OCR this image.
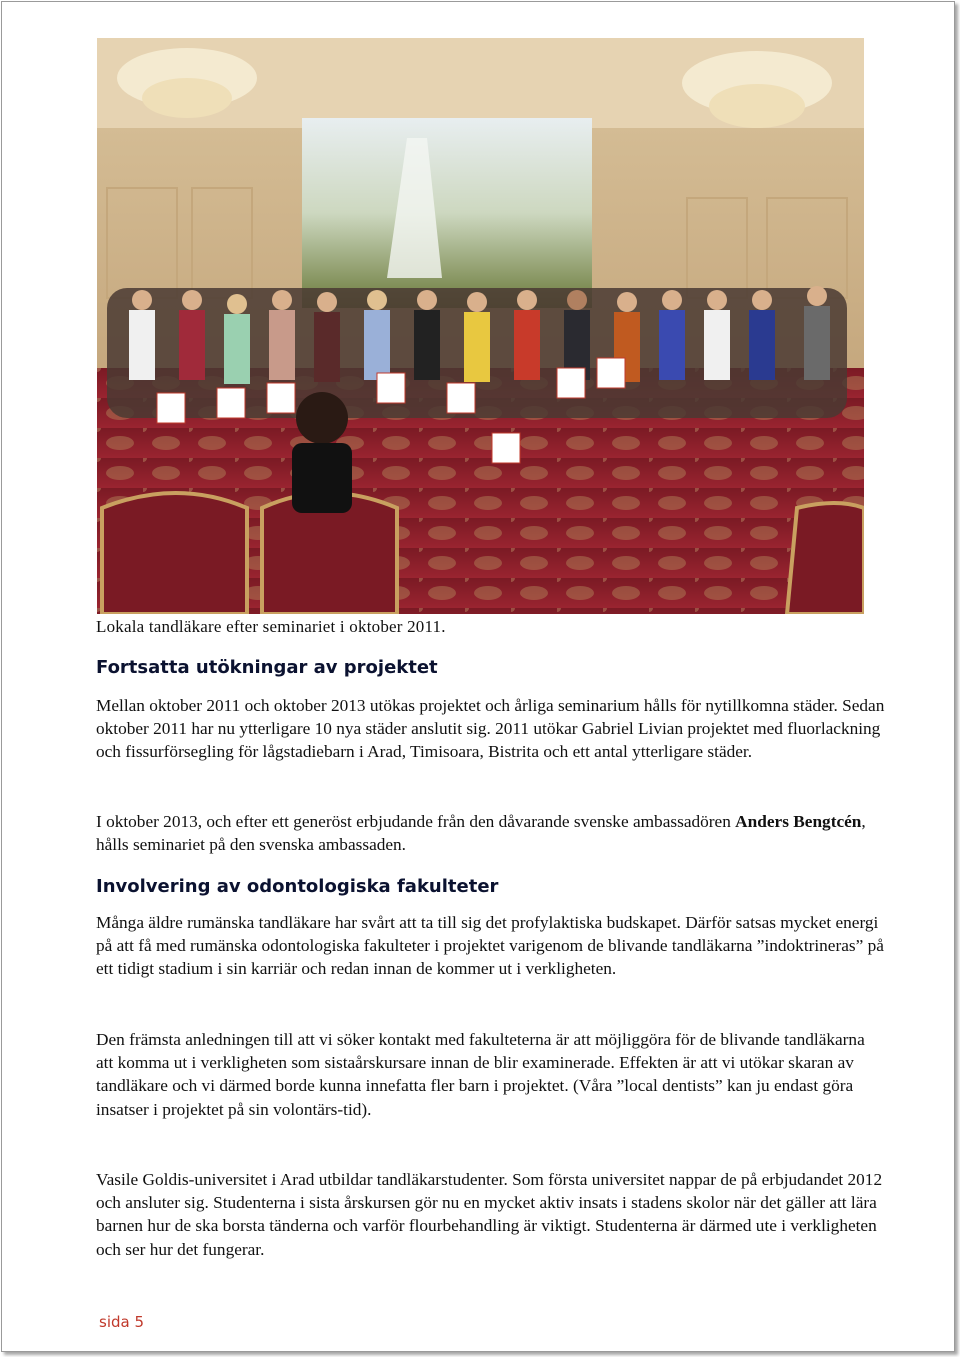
Lokala tandläkare efter seminariet i oktober 2011.
Fortsatta utökningar av projektet

Mellan oktober 2011 och oktober 2013 utökas projektet och årliga seminarium hålls för nytillkomna städer. Sedan oktober 2011 har nu ytterligare 10 nya städer anslutit sig. 2011 utökar Gabriel Livian projektet med fluorlackning och fissurförsegling för lågstadiebarn i Arad, Timisoara, Bistrita och ett antal ytterligare städer.

I oktober 2013, och efter ett generöst erbjudande från den dåvarande svenske ambassadören Anders Bengtcén, hålls seminariet på den svenska ambassaden.

Involvering av odontologiska fakulteter

Många äldre rumänska tandläkare har svårt att ta till sig det profylaktiska budskapet. Därför satsas mycket energi på att få med rumänska odontologiska fakulteter i projektet varigenom de blivande tandläkarna ”indoktrineras” på ett tidigt stadium i sin karriär och redan innan de kommer ut i verkligheten.

Den främsta anledningen till att vi söker kontakt med fakulteterna är att möjliggöra för de blivande tandläkarna att komma ut i verkligheten som sistaårskursare innan de blir examinerade. Effekten är att vi utökar skaran av tandläkare och vi därmed borde kunna innefatta fler barn i projektet. (Våra ”local dentists” kan ju endast göra insatser i projektet på sin volontärs-tid).

Vasile Goldis-universitet i Arad utbildar tandläkarstudenter. Som första universitet nappar de på erbjudandet 2012 och ansluter sig. Studenterna i sista årskursen gör nu en mycket aktiv insats i stadens skolor när det gäller att lära barnen hur de ska borsta tänderna och varför flourbehandling är viktigt. Studenterna är därmed ute i verkligheten och ser hur det fungerar.

sida 5
